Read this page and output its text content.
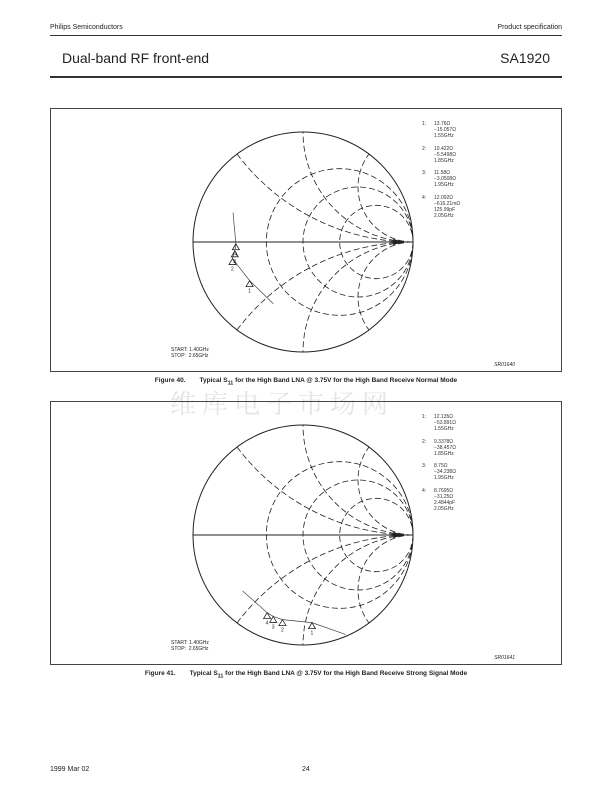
Philips Semiconductors	Product specification
Dual-band RF front-end	SA1920
1
2
3
4
1: 13.76Ω
−15.057Ω
1.55GHz
2: 10.422Ω
−5.5498Ω
1.85GHz
3: 11.58Ω
−3.0508Ω
1.95GHz
4: 12.092Ω
−616.21mΩ
125.99pF
2.05GHz
START: 1.40GHz
STOP:  2.65GHz
SR01640
Figure 40. Typical $S_{11}$ for the High Band LNA @ 3.75V for the High Band Receive Normal Mode
维库电子市场网
1
2
3
4
1: 12.135Ω
−53.891Ω
1.55GHz
2: 9.3378Ω
−38.457Ω
1.85GHz
3: 8.75Ω
−34.238Ω
1.95GHz
4: 8.7695Ω
−31.25Ω
2.4844pF
2.05GHz
START: 1.40GHz
STOP:  2.65GHz
SR01641
Figure 41. Typical $S_{11}$ for the High Band LNA @ 3.75V for the High Band Receive Strong Signal Mode
1999 Mar 02	24
